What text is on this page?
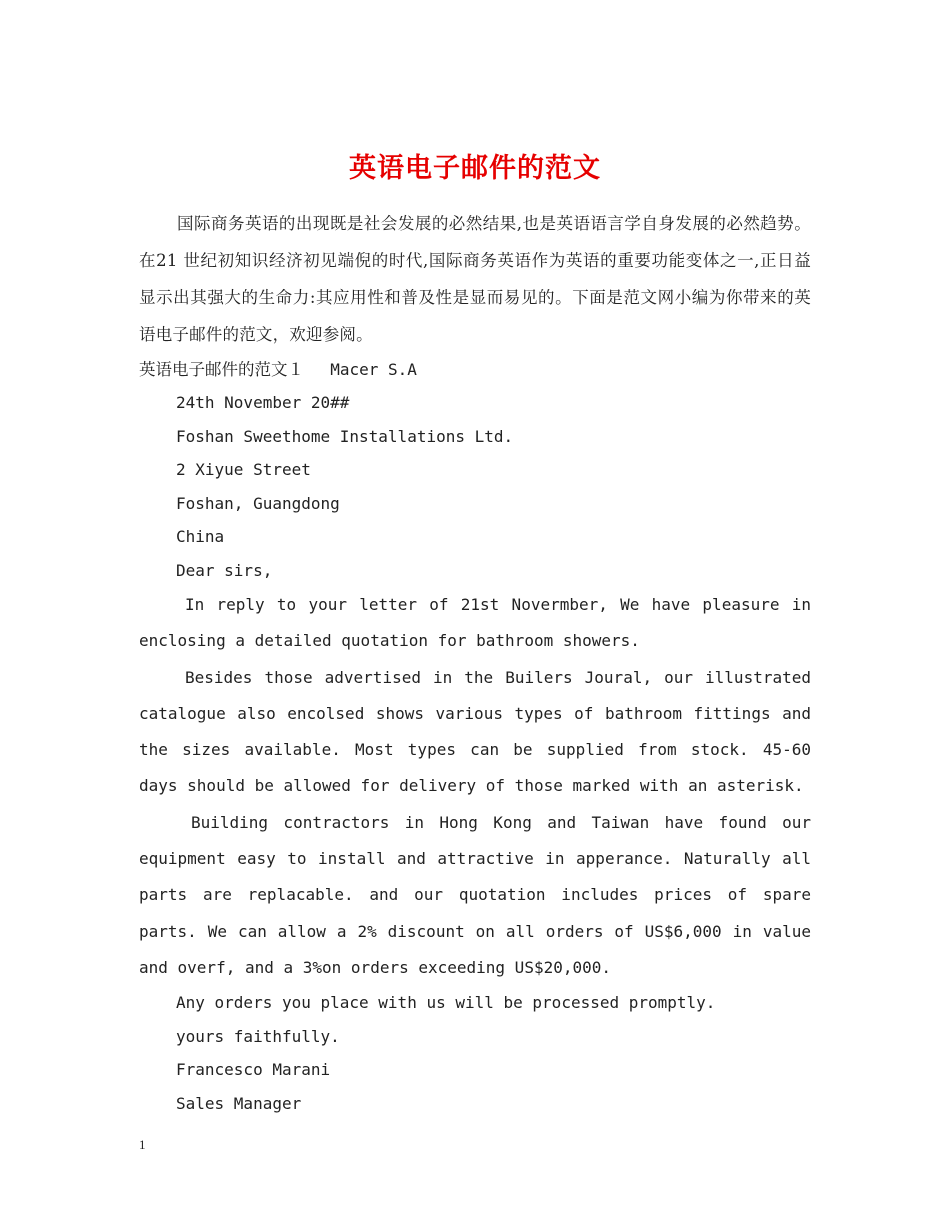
英语电子邮件的范文

国际商务英语的出现既是社会发展的必然结果,也是英语语言学自身发展的必然趋势。在21 世纪初知识经济初见端倪的时代,国际商务英语作为英语的重要功能变体之一,正日益显示出其强大的生命力:其应用性和普及性是显而易见的。下面是范文网小编为你带来的英语电子邮件的范文，欢迎参阅。

英语电子邮件的范文１ Macer S.A

24th November 20##

Foshan Sweethome Installations Ltd.

2 Xiyue Street

Foshan, Guangdong

China

Dear sirs,

In reply to your letter of 21st Novermber, We have pleasure in enclosing a detailed quotation for bathroom showers.

Besides those advertised in the Builers Joural, our illustrated catalogue also encolsed shows various types of bathroom fittings and the sizes available. Most types can be supplied from stock. 45-60 days should be allowed for delivery of those marked with an asterisk.

Building contractors in Hong Kong and Taiwan have found our equipment easy to install and attractive in apperance. Naturally all parts are replacable. and our quotation includes prices of spare parts. We can allow a 2% discount on all orders of US$6,000 in value and overf, and a 3%on orders exceeding US$20,000.

Any orders you place with us will be processed promptly.

yours faithfully.

Francesco Marani

Sales Manager

1
